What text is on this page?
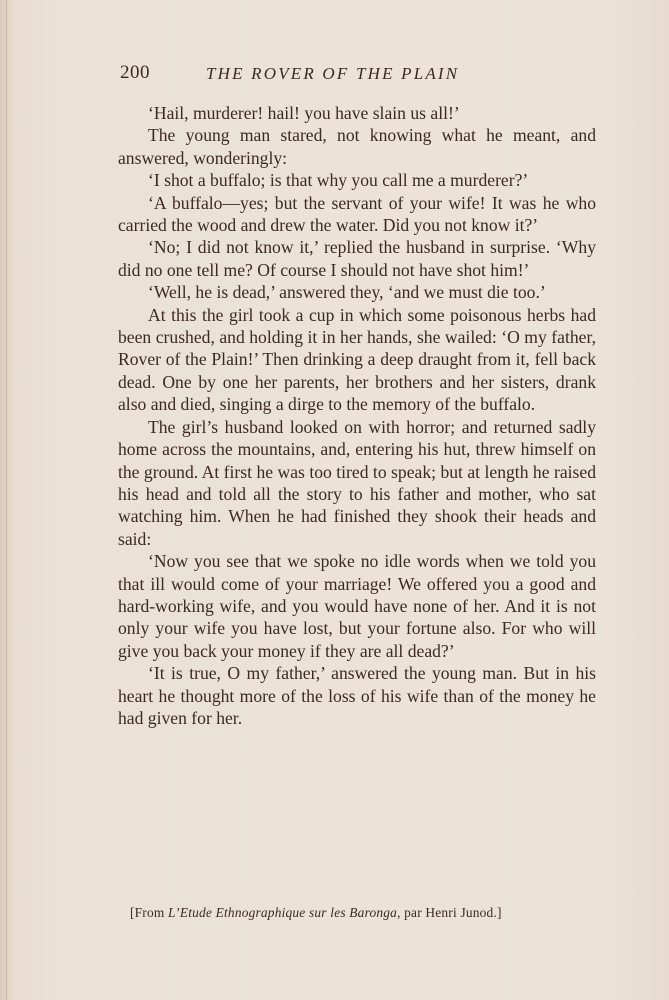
200	THE ROVER OF THE PLAIN

‘Hail, murderer! hail! you have slain us all!’

The young man stared, not knowing what he meant, and answered, wonderingly:

‘I shot a buffalo; is that why you call me a murderer?’

‘A buffalo—yes; but the servant of your wife! It was he who carried the wood and drew the water. Did you not know it?’

‘No; I did not know it,’ replied the husband in surprise. ‘Why did no one tell me? Of course I should not have shot him!’

‘Well, he is dead,’ answered they, ‘and we must die too.’

At this the girl took a cup in which some poisonous herbs had been crushed, and holding it in her hands, she wailed: ‘O my father, Rover of the Plain!’ Then drinking a deep draught from it, fell back dead. One by one her parents, her brothers and her sisters, drank also and died, singing a dirge to the memory of the buffalo.

The girl’s husband looked on with horror; and returned sadly home across the mountains, and, entering his hut, threw himself on the ground. At first he was too tired to speak; but at length he raised his head and told all the story to his father and mother, who sat watching him. When he had finished they shook their heads and said:

‘Now you see that we spoke no idle words when we told you that ill would come of your marriage! We offered you a good and hard-working wife, and you would have none of her. And it is not only your wife you have lost, but your fortune also. For who will give you back your money if they are all dead?’

‘It is true, O my father,’ answered the young man. But in his heart he thought more of the loss of his wife than of the money he had given for her.

[From L’Etude Ethnographique sur les Baronga, par Henri Junod.]
